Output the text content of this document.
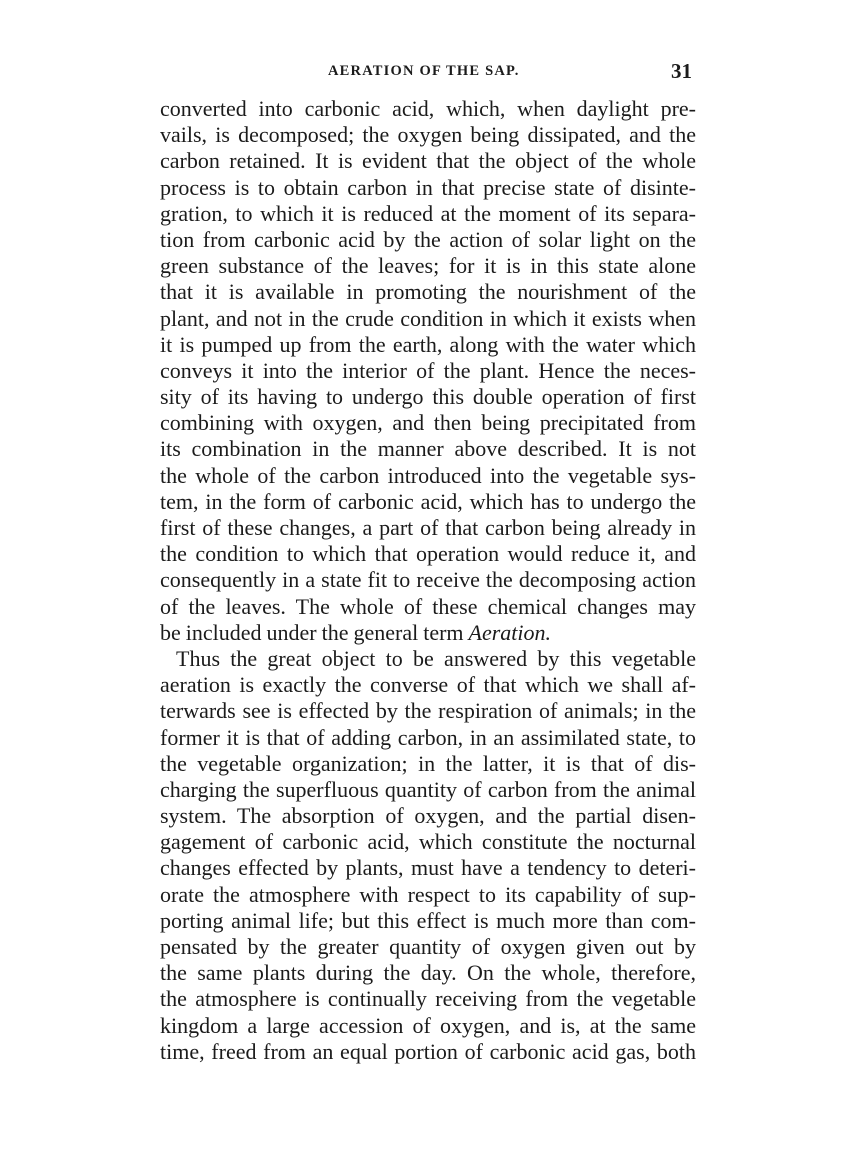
AERATION OF THE SAP.	31
converted into carbonic acid, which, when daylight pre-
vails, is decomposed; the oxygen being dissipated, and the
carbon retained. It is evident that the object of the whole
process is to obtain carbon in that precise state of disinte-
gration, to which it is reduced at the moment of its separa-
tion from carbonic acid by the action of solar light on the
green substance of the leaves; for it is in this state alone
that it is available in promoting the nourishment of the
plant, and not in the crude condition in which it exists when
it is pumped up from the earth, along with the water which
conveys it into the interior of the plant. Hence the neces-
sity of its having to undergo this double operation of first
combining with oxygen, and then being precipitated from
its combination in the manner above described. It is not
the whole of the carbon introduced into the vegetable sys-
tem, in the form of carbonic acid, which has to undergo the
first of these changes, a part of that carbon being already in
the condition to which that operation would reduce it, and
consequently in a state fit to receive the decomposing action
of the leaves. The whole of these chemical changes may
be included under the general term Aeration.
Thus the great object to be answered by this vegetable
aeration is exactly the converse of that which we shall af-
terwards see is effected by the respiration of animals; in the
former it is that of adding carbon, in an assimilated state, to
the vegetable organization; in the latter, it is that of dis-
charging the superfluous quantity of carbon from the animal
system. The absorption of oxygen, and the partial disen-
gagement of carbonic acid, which constitute the nocturnal
changes effected by plants, must have a tendency to deteri-
orate the atmosphere with respect to its capability of sup-
porting animal life; but this effect is much more than com-
pensated by the greater quantity of oxygen given out by
the same plants during the day. On the whole, therefore,
the atmosphere is continually receiving from the vegetable
kingdom a large accession of oxygen, and is, at the same
time, freed from an equal portion of carbonic acid gas, both
